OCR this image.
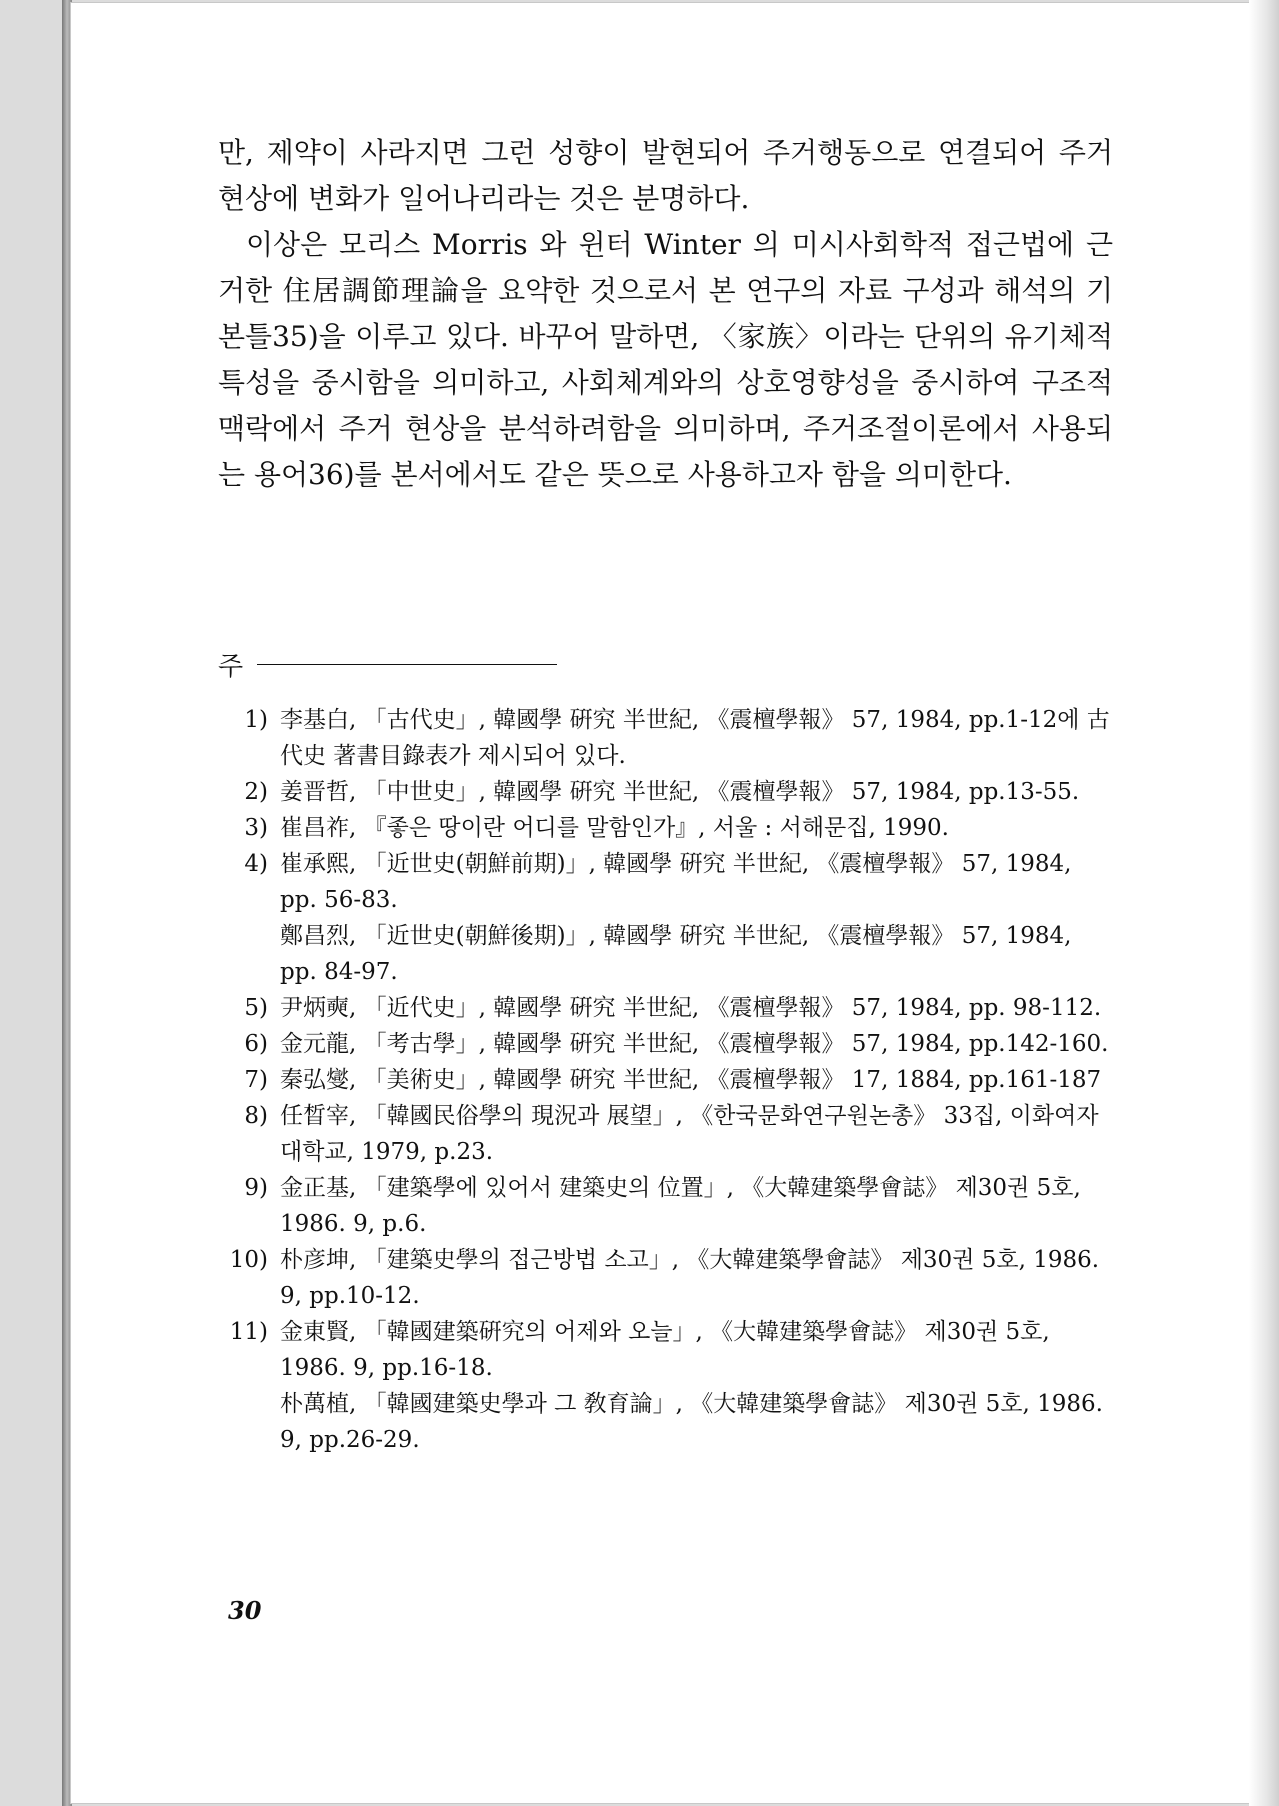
만, 제약이 사라지면 그런 성향이 발현되어 주거행동으로 연결되어 주거 현상에 변화가 일어나리라는 것은 분명하다.

이상은 모리스 Morris 와 윈터 Winter 의 미시사회학적 접근법에 근거한 住居調節理論을 요약한 것으로서 본 연구의 자료 구성과 해석의 기본틀35)을 이루고 있다. 바꾸어 말하면, 〈家族〉이라는 단위의 유기체적 특성을 중시함을 의미하고, 사회체계와의 상호영향성을 중시하여 구조적 맥락에서 주거 현상을 분석하려함을 의미하며, 주거조절이론에서 사용되는 용어36)를 본서에서도 같은 뜻으로 사용하고자 함을 의미한다.

주
1) 李基白, 「古代史」, 韓國學 硏究 半世紀, 《震檀學報》 57, 1984, pp.1-12에 古代史 著書目錄表가 제시되어 있다.
2) 姜晋哲, 「中世史」, 韓國學 硏究 半世紀, 《震檀學報》 57, 1984, pp.13-55.
3) 崔昌祚, 『좋은 땅이란 어디를 말함인가』, 서울 : 서해문집, 1990.
4) 崔承熙, 「近世史(朝鮮前期)」, 韓國學 硏究 半世紀, 《震檀學報》 57, 1984, pp. 56-83.
鄭昌烈, 「近世史(朝鮮後期)」, 韓國學 硏究 半世紀, 《震檀學報》 57, 1984, pp. 84-97.
5) 尹炳奭, 「近代史」, 韓國學 硏究 半世紀, 《震檀學報》 57, 1984, pp. 98-112.
6) 金元龍, 「考古學」, 韓國學 硏究 半世紀, 《震檀學報》 57, 1984, pp.142-160.
7) 秦弘燮, 「美術史」, 韓國學 硏究 半世紀, 《震檀學報》 17, 1884, pp.161-187
8) 任晳宰, 「韓國民俗學의 現況과 展望」, 《한국문화연구원논총》 33집, 이화여자대학교, 1979, p.23.
9) 金正基, 「建築學에 있어서 建築史의 位置」, 《大韓建築學會誌》 제30권 5호, 1986. 9, p.6.
10) 朴彦坤, 「建築史學의 접근방법 소고」, 《大韓建築學會誌》 제30권 5호, 1986. 9, pp.10-12.
11) 金東賢, 「韓國建築硏究의 어제와 오늘」, 《大韓建築學會誌》 제30권 5호, 1986. 9, pp.16-18.
朴萬植, 「韓國建築史學과 그 敎育論」, 《大韓建築學會誌》 제30권 5호, 1986. 9, pp.26-29.
30
